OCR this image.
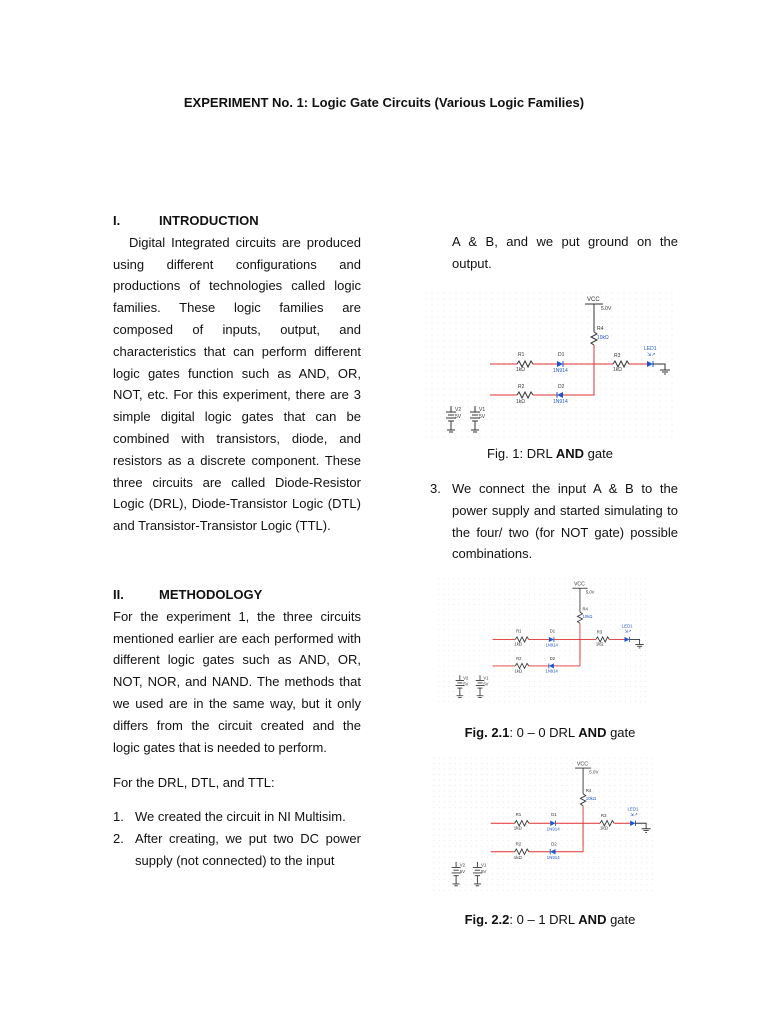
EXPERIMENT No. 1: Logic Gate Circuits (Various Logic Families)
I.	INTRODUCTION
Digital Integrated circuits are produced using different configurations and productions of technologies called logic families. These logic families are composed of inputs, output, and characteristics that can perform different logic gates function such as AND, OR, NOT, etc. For this experiment, there are 3 simple digital logic gates that can be combined with transistors, diode, and resistors as a discrete component. These three circuits are called Diode-Resistor Logic (DRL), Diode-Transistor Logic (DTL) and Transistor-Transistor Logic (TTL).
II.	METHODOLOGY
For the experiment 1, the three circuits mentioned earlier are each performed with different logic gates such as AND, OR, NOT, NOR, and NAND. The methods that we used are in the same way, but it only differs from the circuit created and the logic gates that is needed to perform.
For the DRL, DTL, and TTL:
1. We created the circuit in NI Multisim.
2. After creating, we put two DC power supply (not connected) to the input
A & B, and we put ground on the output.
VCC
5.0V
R4
10kΩ
R1
1kΩ
D1
1N914
R3
1kΩ
LED1
⇲↗
R2
1kΩ
D2
1N914
V2
5V
V1
5V
Fig. 1: DRL AND gate
3. We connect the input A & B to the power supply and started simulating to the four/ two (for NOT gate) possible combinations.
VCC
5.0V
R4
10kΩ
R1
1kΩ
D1
1N914
R3
1kΩ
LED1
⇲↗
R2
1kΩ
D2
1N914
V2
5V
V1
5V
Fig. 2.1: 0 – 0 DRL AND gate
VCC
5.0V
R4
10kΩ
R1
1kΩ
D1
1N914
R3
1kΩ
LED1
⇲↗
R2
1kΩ
D2
1N914
V2
5V
V1
5V
Fig. 2.2: 0 – 1 DRL AND gate
